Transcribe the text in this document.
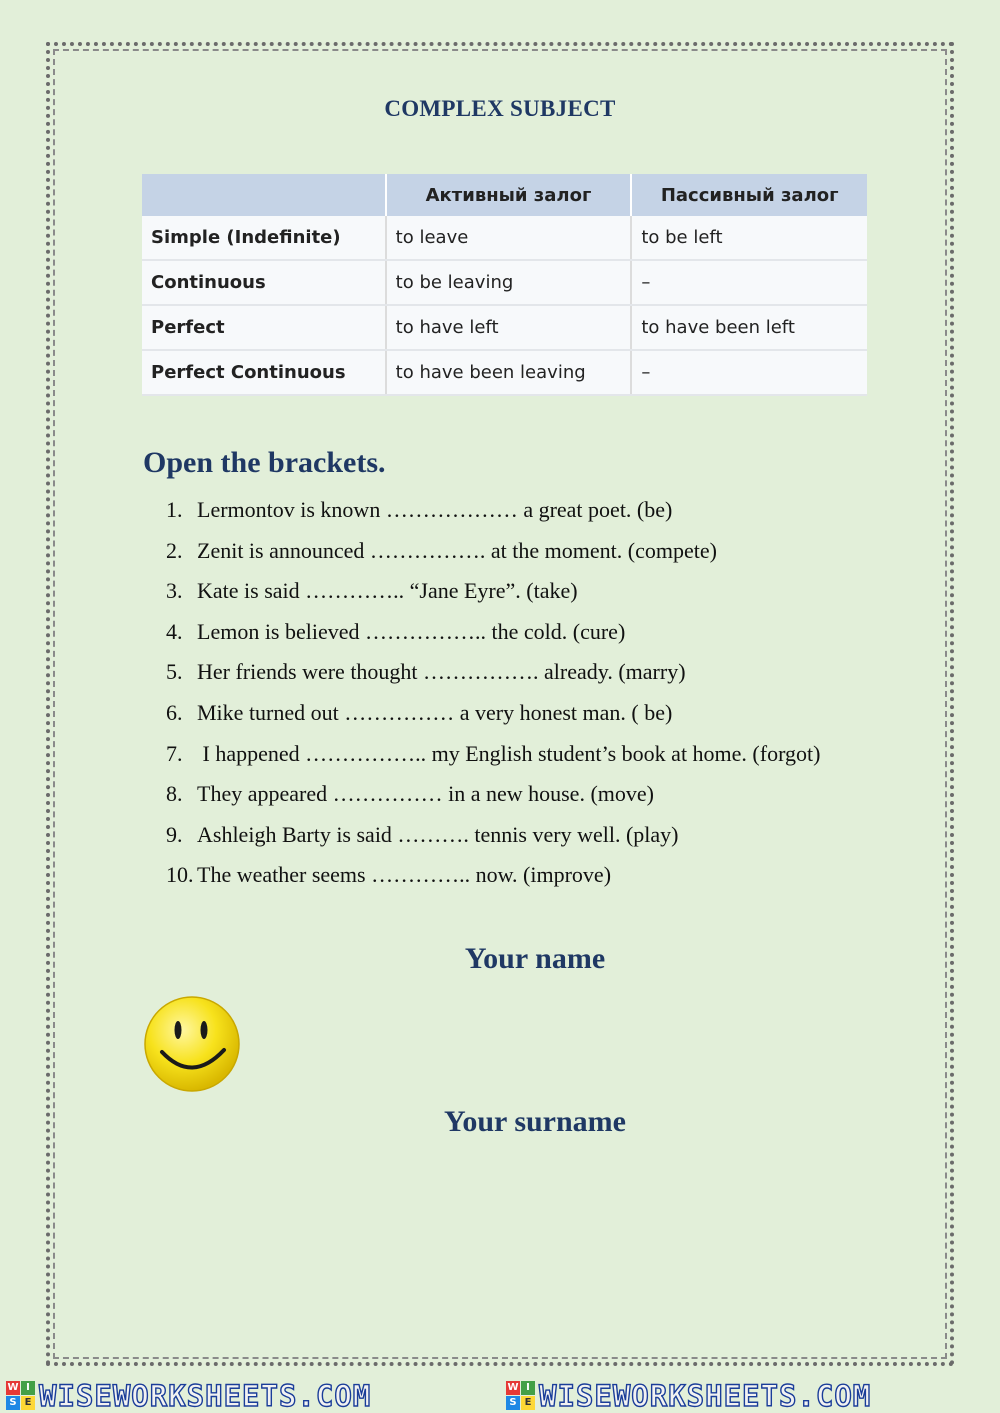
COMPLEX SUBJECT
	Активный залог	Пассивный залог
Simple (Indefinite)	to leave	to be left
Continuous	to be leaving	–
Perfect	to have left	to have been left
Perfect Continuous	to have been leaving	–
Open the brackets.
1. Lermontov is known ……………… a great poet. (be)
2. Zenit is announced ……………. at the moment. (compete)
3. Kate is said ………….. “Jane Eyre”. (take)
4. Lemon is believed …………….. the cold. (cure)
5. Her friends were thought ……………. already. (marry)
6. Mike turned out …………… a very honest man. ( be)
7. I happened …………….. my English student’s book at home. (forgot)
8. They appeared …………… in a new house. (move)
9. Ashleigh Barty is said ………. tennis very well. (play)
10. The weather seems ………….. now. (improve)
Your name
Your surname
W I
S E WISEWORKSHEETS.COM	W I
S E WISEWORKSHEETS.COM
